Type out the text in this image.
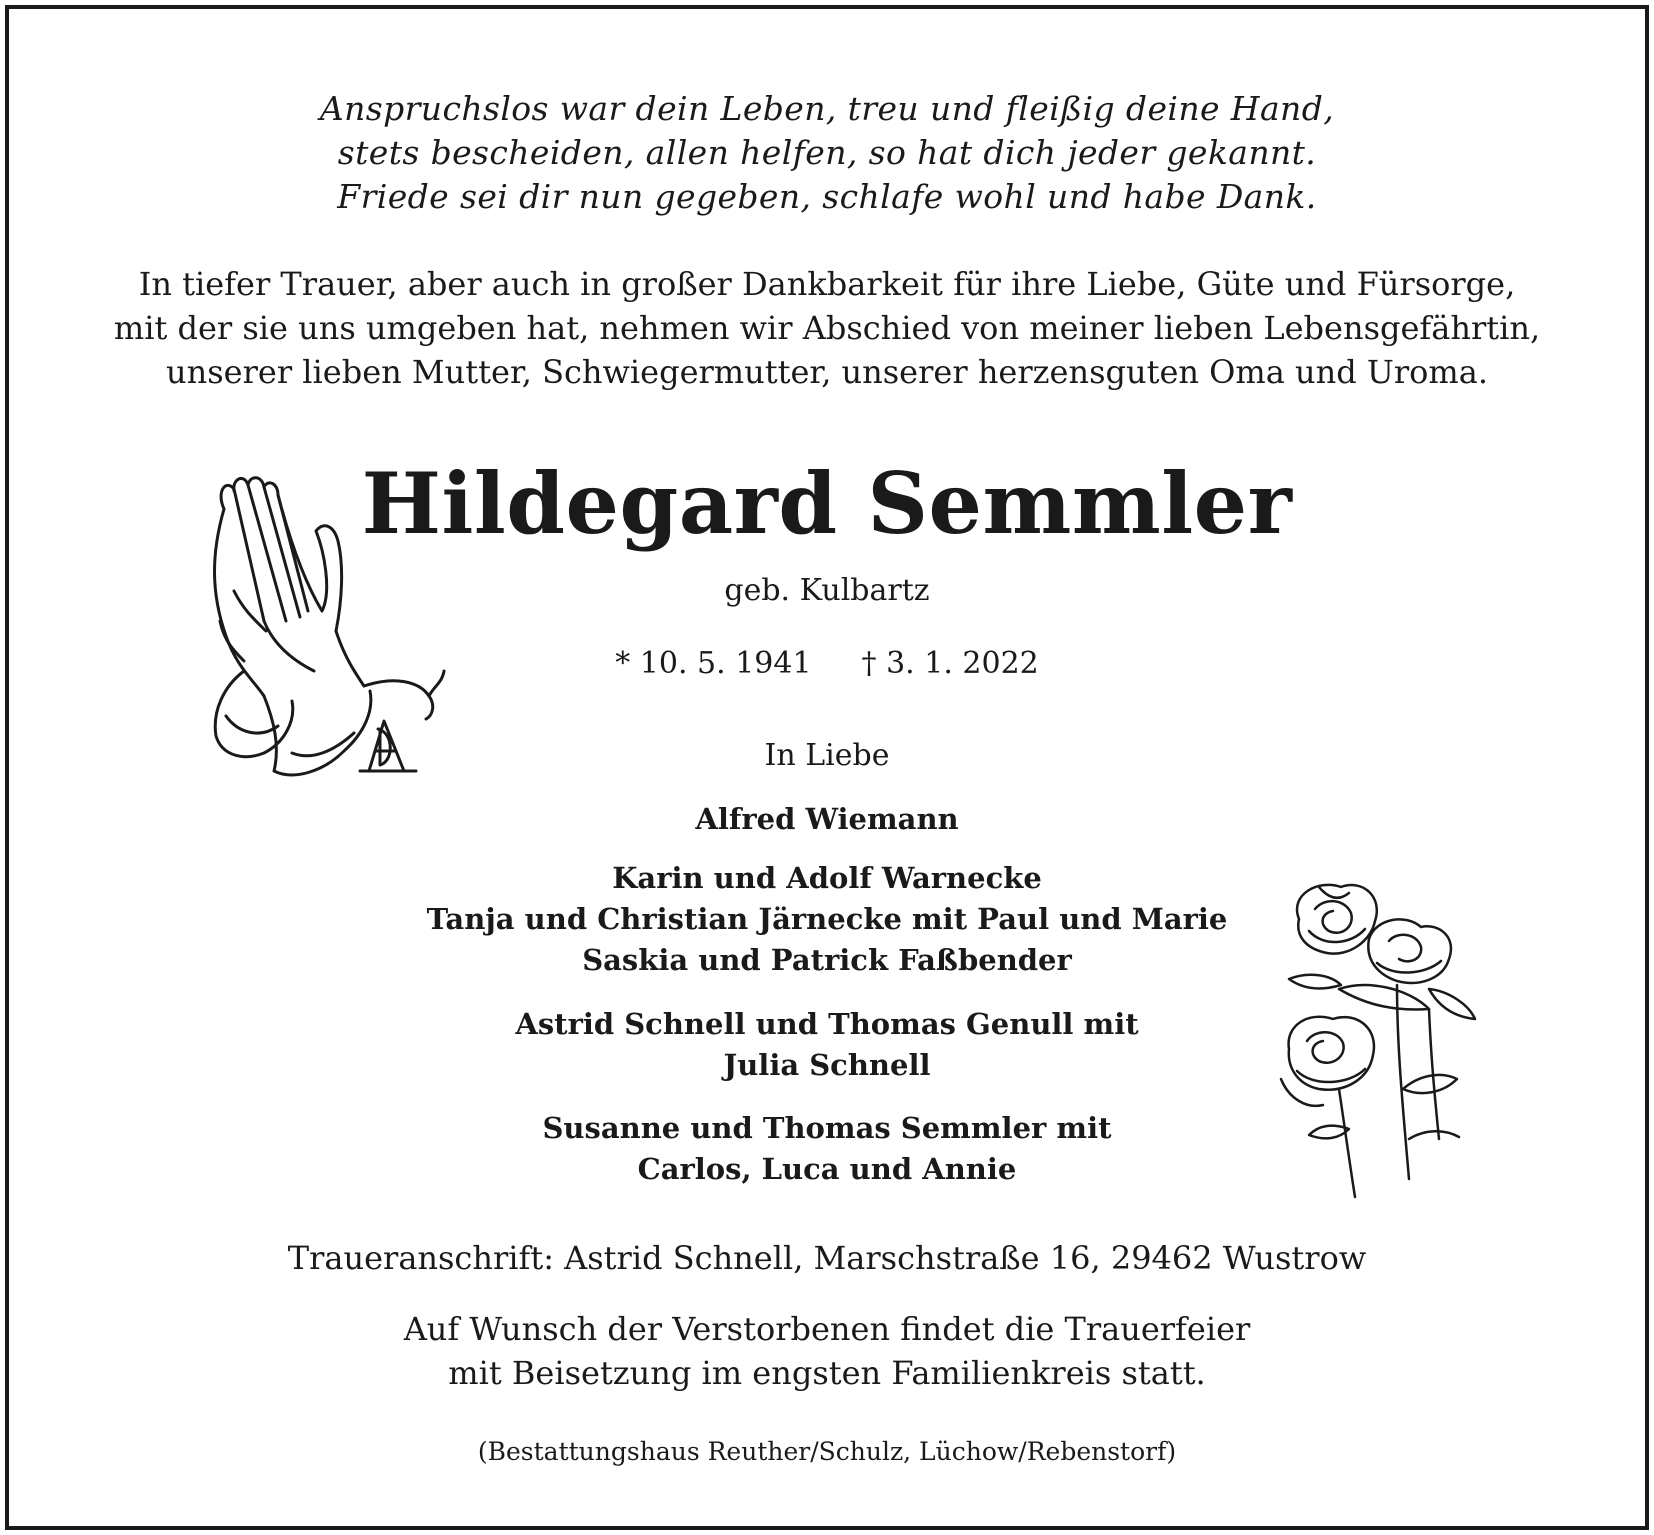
Anspruchslos war dein Leben, treu und fleißig deine Hand,
stets bescheiden, allen helfen, so hat dich jeder gekannt.
Friede sei dir nun gegeben, schlafe wohl und habe Dank.
In tiefer Trauer, aber auch in großer Dankbarkeit für ihre Liebe, Güte und Fürsorge,
mit der sie uns umgeben hat, nehmen wir Abschied von meiner lieben Lebensgefährtin,
unserer lieben Mutter, Schwiegermutter, unserer herzensguten Oma und Uroma.
Hildegard Semmler
geb. Kulbartz
* 10. 5. 1941 † 3. 1. 2022
In Liebe
Alfred Wiemann
Karin und Adolf Warnecke
Tanja und Christian Järnecke mit Paul und Marie
Saskia und Patrick Faßbender
Astrid Schnell und Thomas Genull mit
Julia Schnell
Susanne und Thomas Semmler mit
Carlos, Luca und Annie
Traueranschrift: Astrid Schnell, Marschstraße 16, 29462 Wustrow
Auf Wunsch der Verstorbenen findet die Trauerfeier
mit Beisetzung im engsten Familienkreis statt.
(Bestattungshaus Reuther/Schulz, Lüchow/Rebenstorf)
